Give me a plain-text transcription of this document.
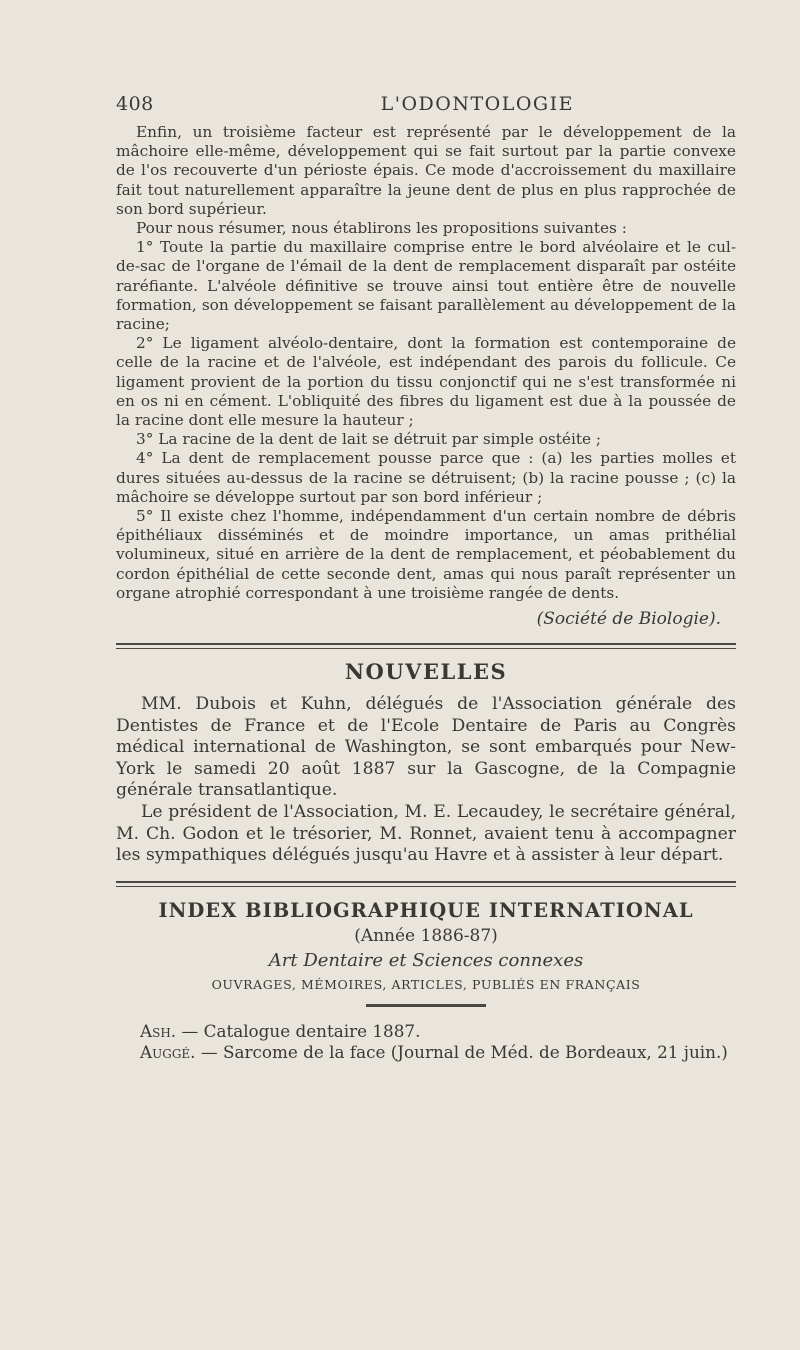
408	L'ODONTOLOGIE

Enfin, un troisième facteur est représenté par le développement de la mâchoire elle-même, développement qui se fait surtout par la partie convexe de l'os recouverte d'un périoste épais. Ce mode d'accroissement du maxillaire fait tout naturellement apparaître la jeune dent de plus en plus rapprochée de son bord supérieur.

Pour nous résumer, nous établirons les propositions suivantes :

1° Toute la partie du maxillaire comprise entre le bord alvéolaire et le cul-de-sac de l'organe de l'émail de la dent de remplacement disparaît par ostéite raréfiante. L'alvéole définitive se trouve ainsi tout entière être de nouvelle formation, son développement se faisant parallèlement au développement de la racine;

2° Le ligament alvéolo-dentaire, dont la formation est contemporaine de celle de la racine et de l'alvéole, est indépendant des parois du follicule. Ce ligament provient de la portion du tissu conjonctif qui ne s'est transformée ni en os ni en cément. L'obliquité des fibres du ligament est due à la poussée de la racine dont elle mesure la hauteur ;

3° La racine de la dent de lait se détruit par simple ostéite ;

4° La dent de remplacement pousse parce que : (a) les parties molles et dures situées au-dessus de la racine se détruisent; (b) la racine pousse ; (c) la mâchoire se développe surtout par son bord inférieur ;

5° Il existe chez l'homme, indépendamment d'un certain nombre de débris épithéliaux disséminés et de moindre importance, un amas prithélial volumineux, situé en arrière de la dent de remplacement, et péobablement du cordon épithélial de cette seconde dent, amas qui nous paraît représenter un organe atrophié correspondant à une troisième rangée de dents.

(Société de Biologie).
NOUVELLES

MM. Dubois et Kuhn, délégués de l'Association générale des Dentistes de France et de l'Ecole Dentaire de Paris au Congrès médical international de Washington, se sont embarqués pour New-York le samedi 20 août 1887 sur la Gascogne, de la Compagnie générale transatlantique.

Le président de l'Association, M. E. Lecaudey, le secrétaire général, M. Ch. Godon et le trésorier, M. Ronnet, avaient tenu à accompagner les sympathiques délégués jusqu'au Havre et à assister à leur départ.

INDEX BIBLIOGRAPHIQUE INTERNATIONAL
(Année 1886-87)
Art Dentaire et Sciences connexes
OUVRAGES, MÉMOIRES, ARTICLES, PUBLIÉS EN FRANÇAIS

Ash. — Catalogue dentaire 1887.

Auggé. — Sarcome de la face (Journal de Méd. de Bordeaux, 21 juin.)
